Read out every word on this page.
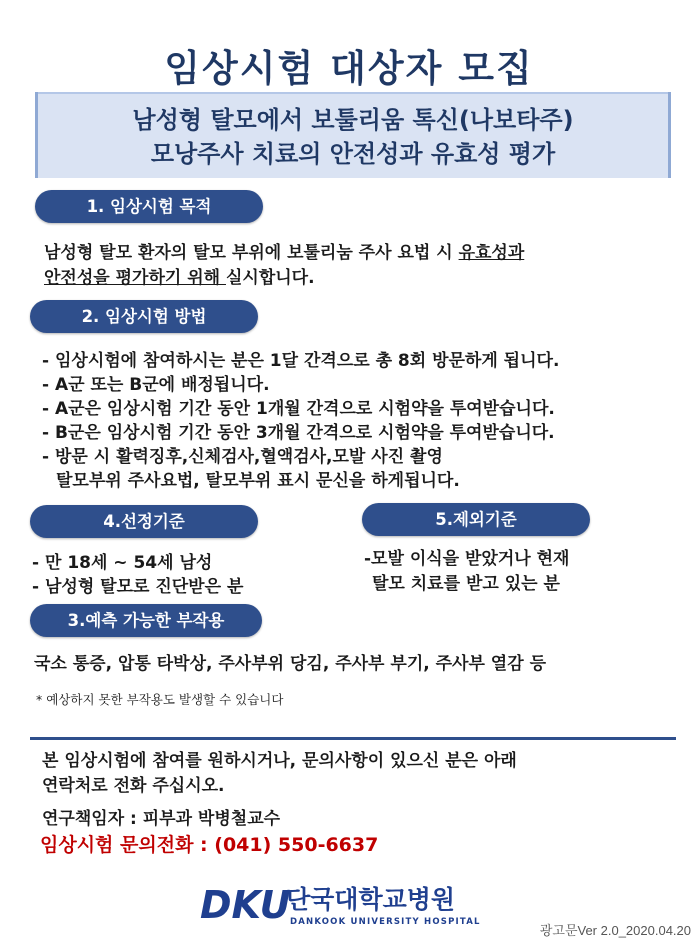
임상시험 대상자 모집
남성형 탈모에서 보툴리움 톡신(나보타주)
모낭주사 치료의 안전성과 유효성 평가
1. 임상시험 목적
남성형 탈모 환자의 탈모 부위에 보툴리눔 주사 요법 시 유효성과
안전성을 평가하기 위해 실시합니다.
2. 임상시험 방법
- 임상시험에 참여하시는 분은 1달 간격으로 총 8회 방문하게 됩니다.
- A군 또는 B군에 배정됩니다.
- A군은 임상시험 기간 동안 1개월 간격으로 시험약을 투여받습니다.
- B군은 임상시험 기간 동안 3개월 간격으로 시험약을 투여받습니다.
- 방문 시 활력징후,신체검사,혈액검사,모발 사진 촬영
탈모부위 주사요법, 탈모부위 표시 문신을 하게됩니다.
4.선정기준	5.제외기준
- 만 18세 ~ 54세 남성
- 남성형 탈모로 진단받은 분
-모발 이식을 받았거나 현재
탈모 치료를 받고 있는 분
3.예측 가능한 부작용
국소 통증, 압통 타박상, 주사부위 당김, 주사부 부기, 주사부 열감 등
* 예상하지 못한 부작용도 발생할 수 있습니다
본 임상시험에 참여를 원하시거나, 문의사항이 있으신 분은 아래
연락처로 전화 주십시오.
연구책임자 : 피부과 박병철교수
임상시험 문의전화 : (041) 550-6637
DKU
단국대학교병원
DANKOOK UNIVERSITY HOSPITAL
광고문Ver 2.0_2020.04.20
